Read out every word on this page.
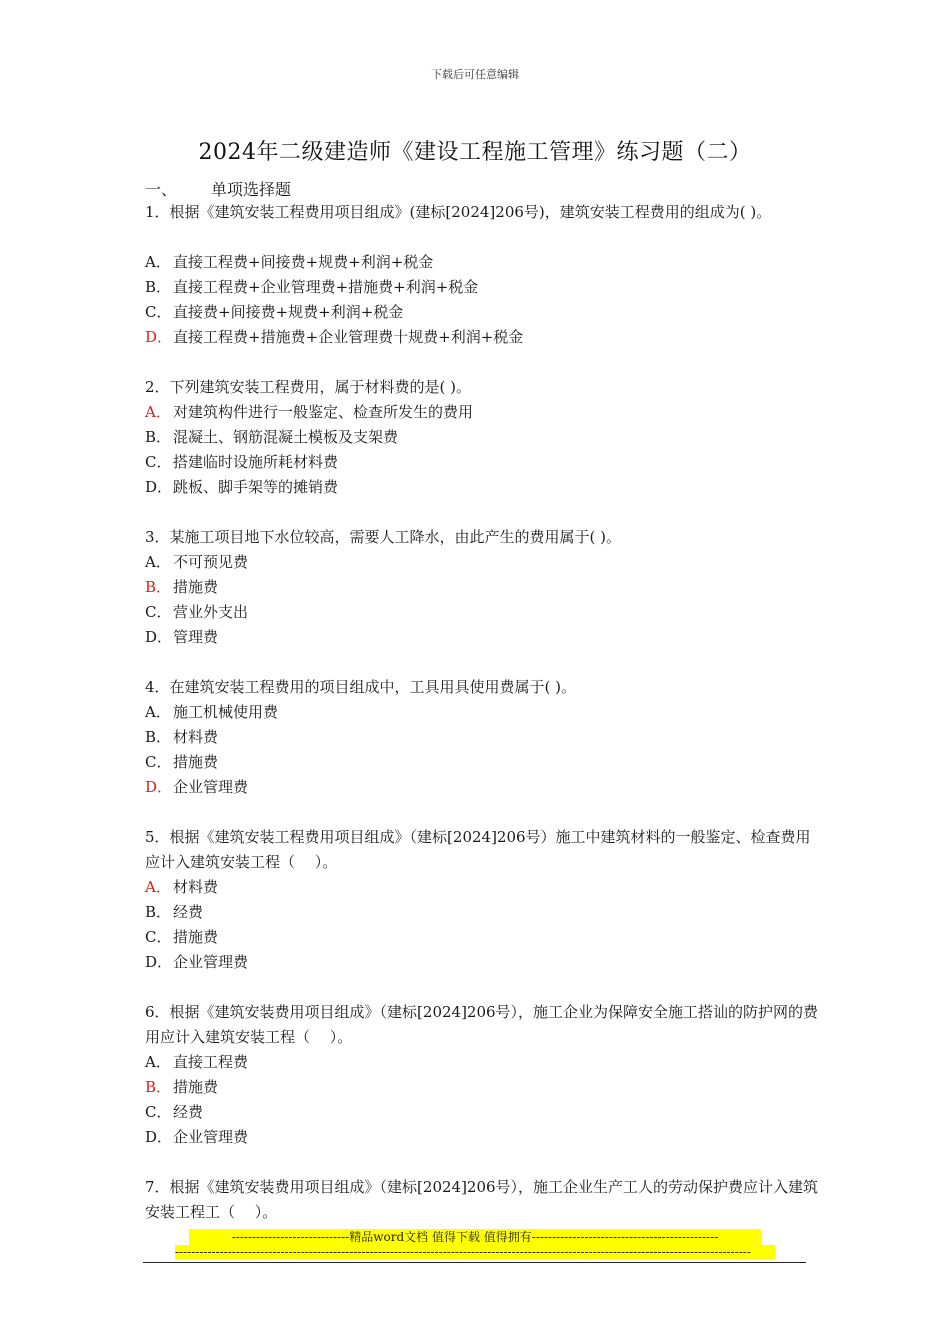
下载后可任意编辑
2024年二级建造师《建设工程施工管理》练习题（二）
一、 单项选择题

1．根据《建筑安装工程费用项目组成》(建标[2024]206号)，建筑安装工程费用的组成为( )。

A． 直接工程费+间接费+规费+利润+税金

B． 直接工程费+企业管理费+措施费+利润+税金

C． 直接费+间接费+规费+利润+税金

D．直接工程费+措施费+企业管理费十规费+利润+税金

2．下列建筑安装工程费用，属于材料费的是( )。

A． 对建筑构件进行一般鉴定、检查所发生的费用

B． 混凝土、钢筋混凝土模板及支架费

C． 搭建临时设施所耗材料费

D．跳板、脚手架等的摊销费

3．某施工项目地下水位较高，需要人工降水，由此产生的费用属于( )。

A． 不可预见费

B． 措施费

C． 营业外支出

D．管理费

4．在建筑安装工程费用的项目组成中，工具用具使用费属于( )。

A． 施工机械使用费

B． 材料费

C． 措施费

D．企业管理费

5．根据《建筑安装工程费用项目组成》（建标[2024]206号）施工中建筑材料的一般鉴定、检查费用应计入建筑安装工程（　 ）。

A． 材料费

B． 经费

C． 措施费

D．企业管理费

6．根据《建筑安装费用项目组成》（建标[2024]206号），施工企业为保障安全施工搭讪的防护网的费用应计入建筑安装工程（　 ）。

A． 直接工程费

B． 措施费

C． 经费

D．企业管理费

7．根据《建筑安装费用项目组成》（建标[2024]206号），施工企业生产工人的劳动保护费应计入建筑安装工程工（　 ）。

-----------------------------精品word文档 值得下载 值得拥有----------------------------------------------
----------------------------------------------------------------------------------------------------------------------------------------------
